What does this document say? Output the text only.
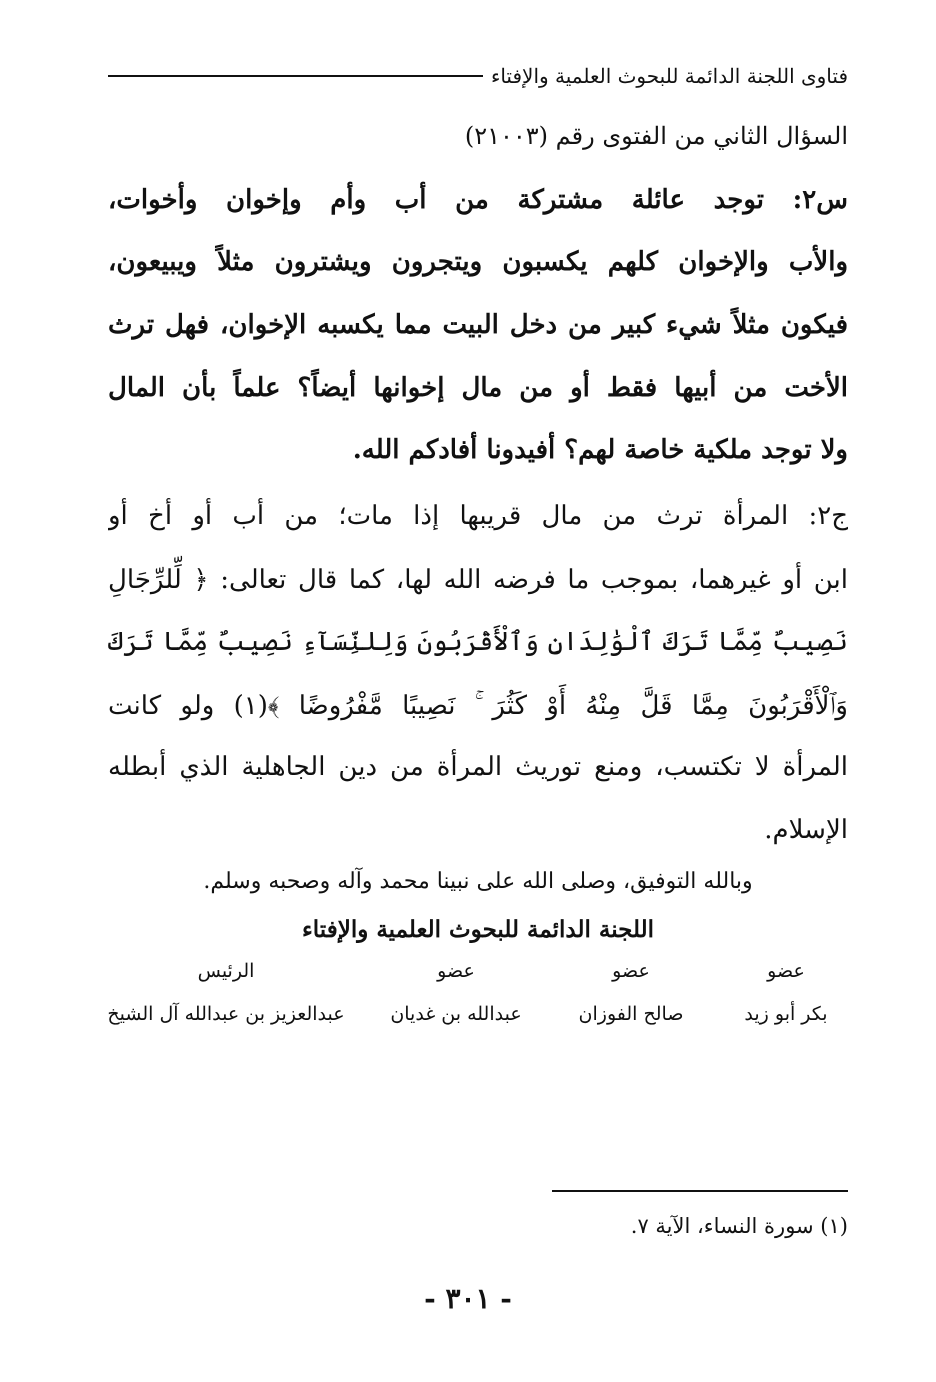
فتاوى اللجنة الدائمة للبحوث العلمية والإفتاء
السؤال الثاني من الفتوى رقم (٢١٠٠٣)
س٢: توجد عائلة مشتركة من أب وأم وإخوان وأخوات،
والأب والإخوان كلهم يكسبون ويتجرون ويشترون مثلاً ويبيعون،
فيكون مثلاً شيء كبير من دخل البيت مما يكسبه الإخوان، فهل ترث
الأخت من أبيها فقط أو من مال إخوانها أيضاً؟ علماً بأن المال
ولا توجد ملكية خاصة لهم؟ أفيدونا أفادكم الله.
ج٢: المرأة ترث من مال قريبها إذا مات؛ من أب أو أخ أو
ابن أو غيرهما، بموجب ما فرضه الله لها، كما قال تعالى: ﴿ لِّلرِّجَالِ
نَصِيبٌ مِّمَّا تَرَكَ ٱلْوَٰلِدَانِ وَٱلْأَقْرَبُونَ وَلِلنِّسَآءِ نَصِيبٌ مِّمَّا تَرَكَ
وَٱلْأَقْرَبُونَ مِمَّا قَلَّ مِنْهُ أَوْ كَثُرَ ۚ نَصِيبًا مَّفْرُوضًا ﴾(١) ولو كانت
المرأة لا تكتسب، ومنع توريث المرأة من دين الجاهلية الذي أبطله
الإسلام.
وبالله التوفيق، وصلى الله على نبينا محمد وآله وصحبه وسلم.
اللجنة الدائمة للبحوث العلمية والإفتاء
عضو
عضو
عضو
الرئيس
بكر أبو زيد
صالح الفوزان
عبدالله بن غديان
عبدالعزيز بن عبدالله آل الشيخ
(١) سورة النساء، الآية ٧.
- ٣٠١ -
